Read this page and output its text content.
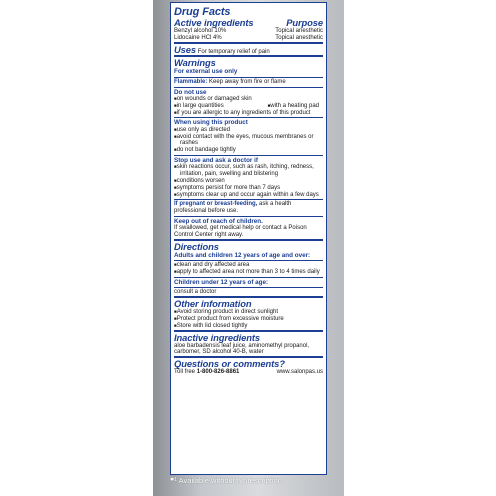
Drug Facts
Active ingredients	Purpose
Benzyl alcohol 10%	Topical anesthetic
Lidocaine HCl 4%	Topical anesthetic
Uses For temporary relief of pain
Warnings
For external use only
Flammable: Keep away from fire or flame
Do not use
■ on wounds or damaged skin
■ in large quantities
■	with a heating pad
■ if you are allergic to any ingredients of this product
When using this product
■ use only as directed
■ avoid contact with the eyes, mucous membranes or rashes
■ do not bandage tightly
Stop use and ask a doctor if
■ skin reactions occur, such as rash, itching, redness, irritation, pain, swelling and blistering
■ conditions worsen
■ symptoms persist for more than 7 days
■ symptoms clear up and occur again within a few days
If pregnant or breast-feeding, ask a health professional before use.
Keep out of reach of children.
If swallowed, get medical help or contact a Poison Control Center right away.
Directions
Adults and children 12 years of age and over:
■ clean and dry affected area
■ apply to affected area not more than 3 to 4 times daily
Children under 12 years of age:
consult a doctor
Other information
■ Avoid storing product in direct sunlight
■ Protect product from excessive moisture
■ Store with lid closed tightly
Inactive ingredients
aloe barbadensis leaf juice, aminomethyl propanol, carbomer, SD alcohol 40-B, water
Questions or comments?
Toll free 1-800-826-8861	www.salonpas.us
$^{✱1}$ Available without a prescription.
